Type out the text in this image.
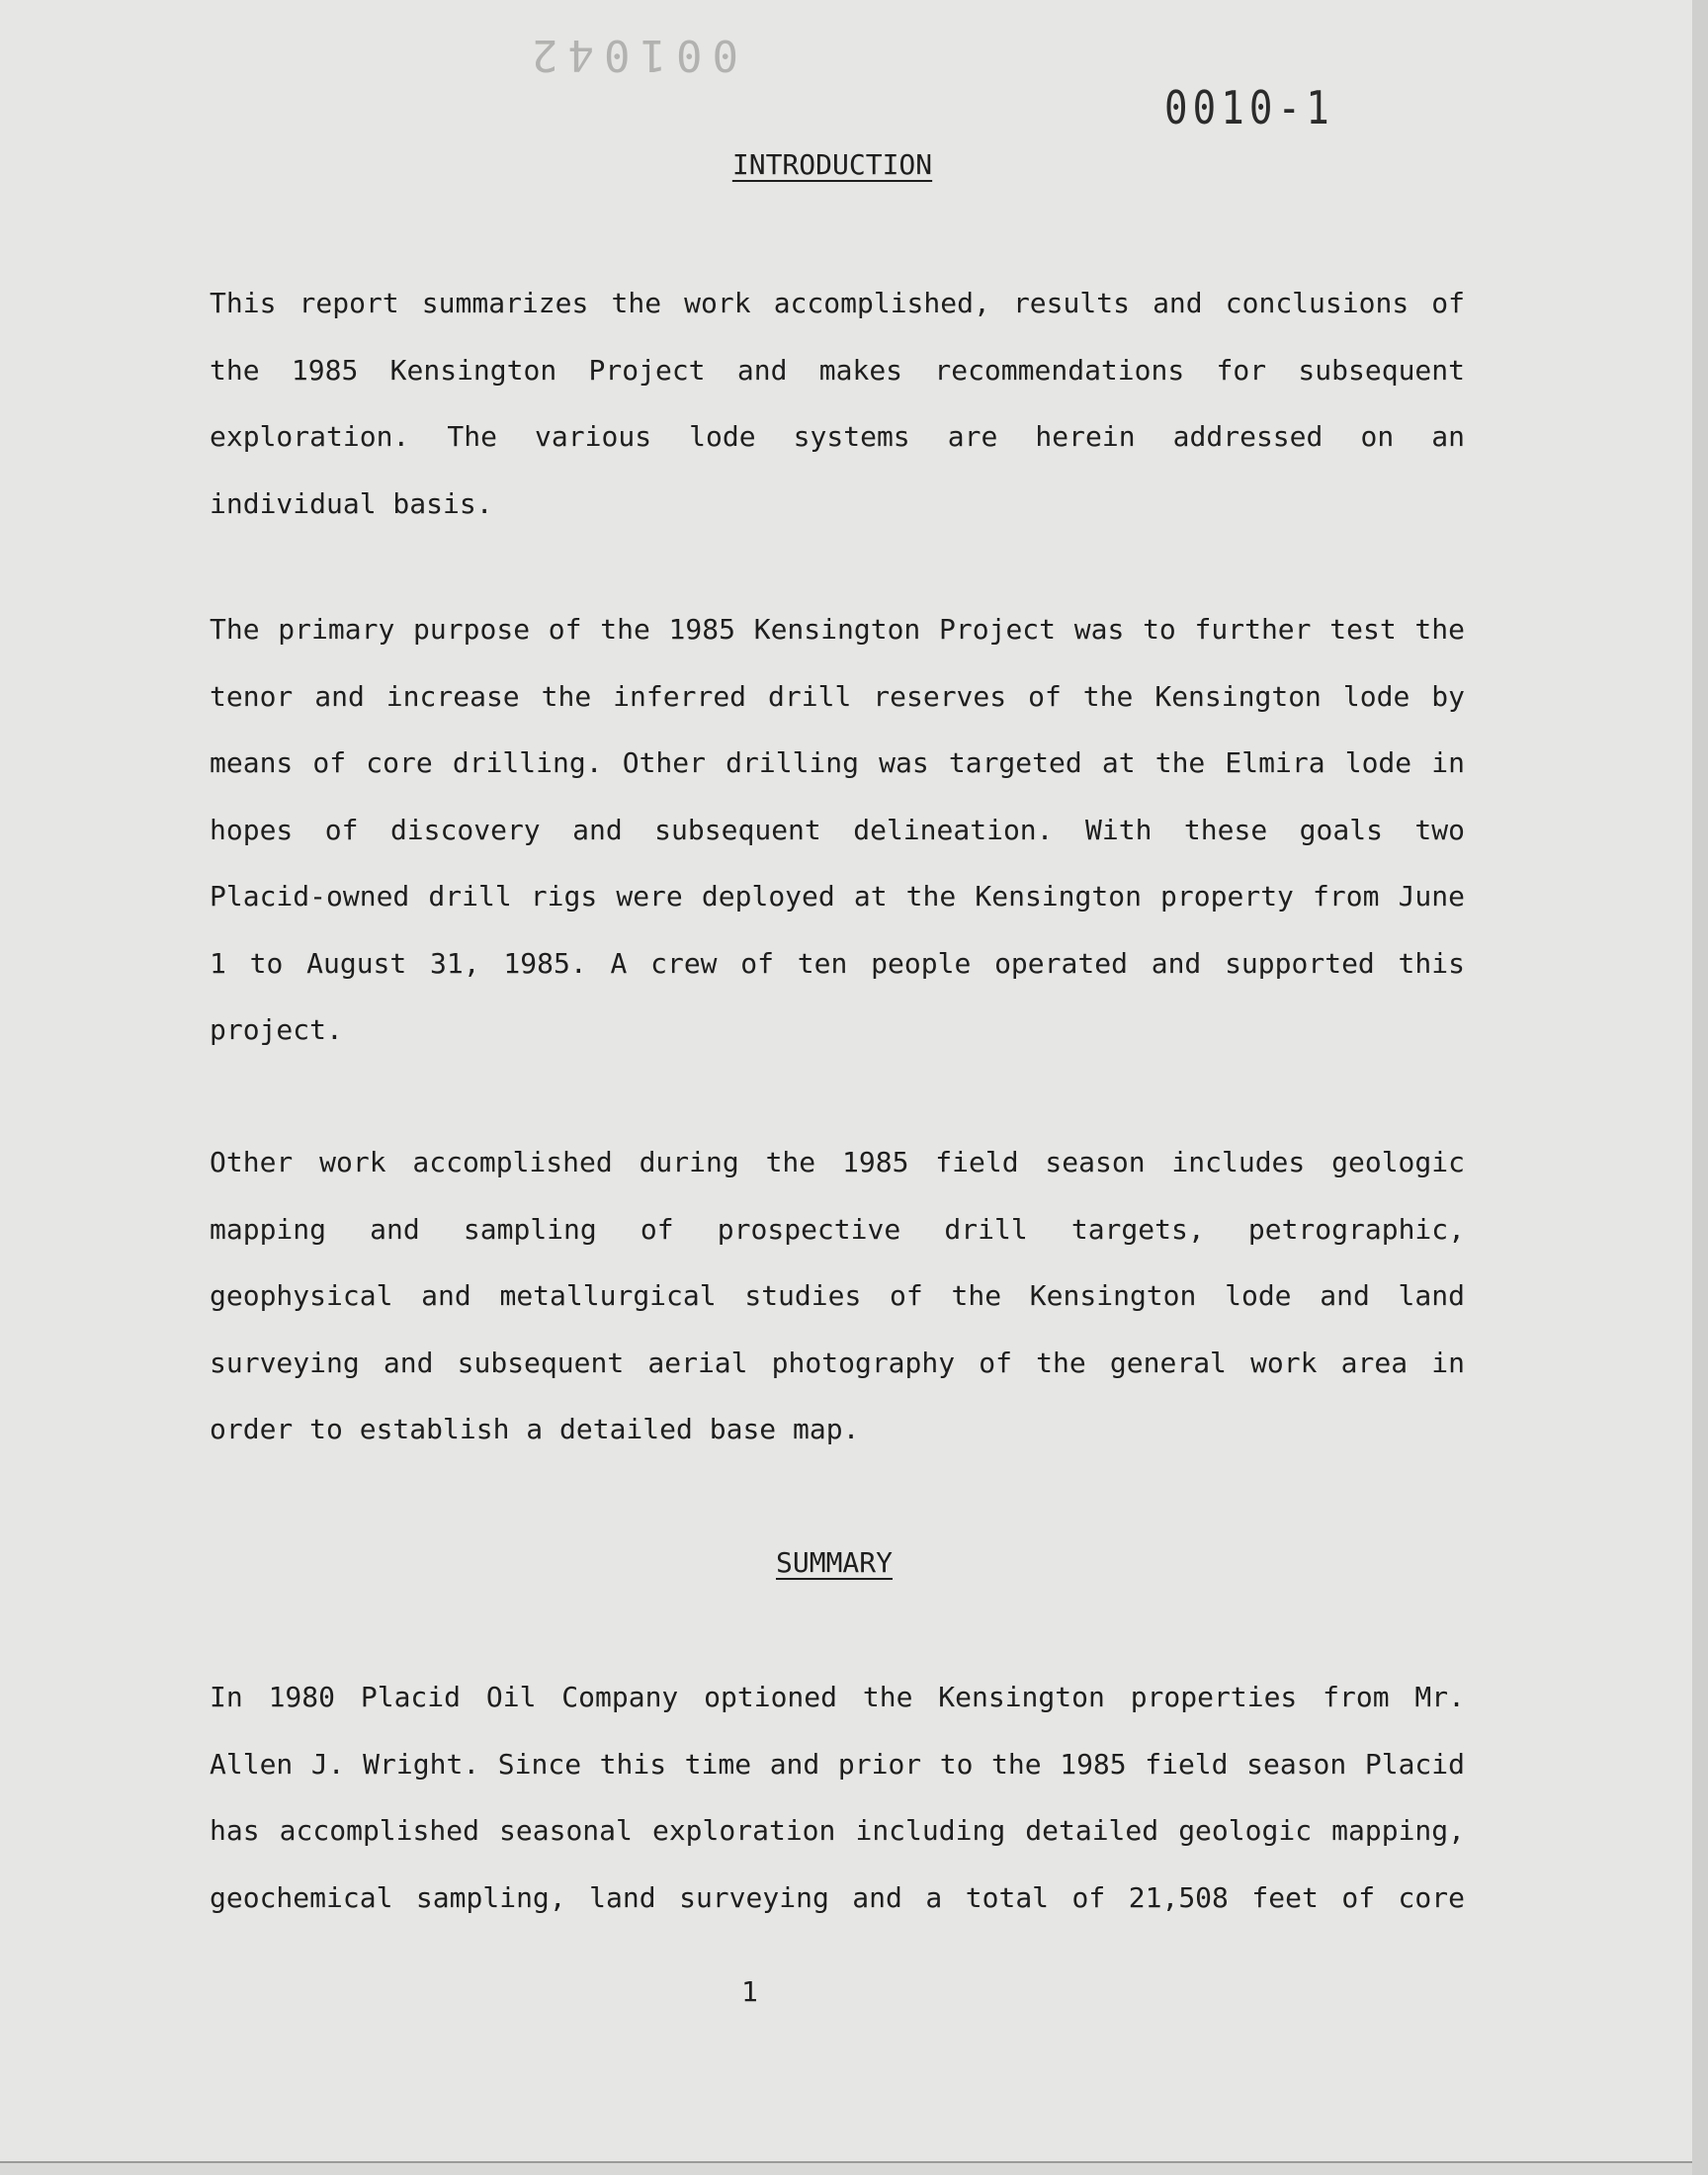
001042
0010-1
INTRODUCTION
This report summarizes the work accomplished, results and conclusions of
the 1985 Kensington Project and makes recommendations for subsequent
exploration. The various lode systems are herein addressed on an
individual basis.
The primary purpose of the 1985 Kensington Project was to further test the
tenor and increase the inferred drill reserves of the Kensington lode by
means of core drilling. Other drilling was targeted at the Elmira lode in
hopes of discovery and subsequent delineation. With these goals two
Placid-owned drill rigs were deployed at the Kensington property from June
1 to August 31, 1985. A crew of ten people operated and supported this
project.
Other work accomplished during the 1985 field season includes geologic
mapping and sampling of prospective drill targets, petrographic,
geophysical and metallurgical studies of the Kensington lode and land
surveying and subsequent aerial photography of the general work area in
order to establish a detailed base map.
SUMMARY
In 1980 Placid Oil Company optioned the Kensington properties from Mr.
Allen J. Wright. Since this time and prior to the 1985 field season Placid
has accomplished seasonal exploration including detailed geologic mapping,
geochemical sampling, land surveying and a total of 21,508 feet of core
1
